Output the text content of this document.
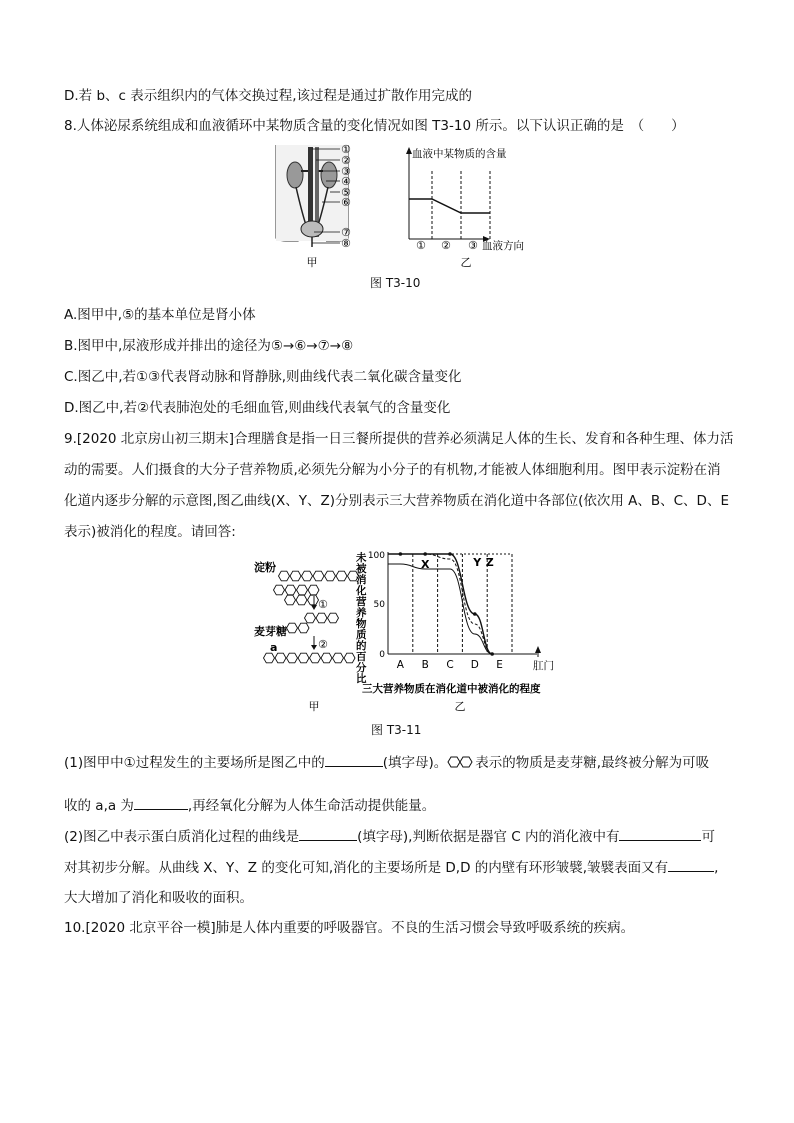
D.若 b、c 表示组织内的气体交换过程,该过程是通过扩散作用完成的
8.人体泌尿系统组成和血液循环中某物质含量的变化情况如图 T3-10 所示。以下认识正确的是　（　　）
①
②
③
④
⑤
⑥
⑦
⑧
甲
血液中某物质的含量
① ② ③ 血液方向
乙
图 T3-10
A.图甲中,⑤的基本单位是肾小体
B.图甲中,尿液形成并排出的途径为⑤→⑥→⑦→⑧
C.图乙中,若①③代表肾动脉和肾静脉,则曲线代表二氧化碳含量变化
D.图乙中,若②代表肺泡处的毛细血管,则曲线代表氧气的含量变化
9.[2020 北京房山初三期末]合理膳食是指一日三餐所提供的营养必须满足人体的生长、发育和各种生理、体力活动的需要。人们摄食的大分子营养物质,必须先分解为小分子的有机物,才能被人体细胞利用。图甲表示淀粉在消化道内逐步分解的示意图,图乙曲线(X、Y、Z)分别表示三大营养物质在消化道中各部位(依次用 A、B、C、D、E 表示)被消化的程度。请回答:
淀粉
麦芽糖
a
①
②
甲
未被消化营养物质的百分比
100
50
0
A B C D E	肛门
X	Y Z
三大营养物质在消化道中被消化的程度
乙
图 T3-11
(1)图甲中①过程发生的主要场所是图乙中的	(填字母)。 表示的物质是麦芽糖,最终被分解为可吸
收的 a,a 为	,再经氧化分解为人体生命活动提供能量。
(2)图乙中表示蛋白质消化过程的曲线是	(填字母),判断依据是器官 C 内的消化液中有	可
对其初步分解。从曲线 X、Y、Z 的变化可知,消化的主要场所是 D,D 的内壁有环形皱襞,皱襞表面又有	,
大大增加了消化和吸收的面积。
10.[2020 北京平谷一模]肺是人体内重要的呼吸器官。不良的生活习惯会导致呼吸系统的疾病。
